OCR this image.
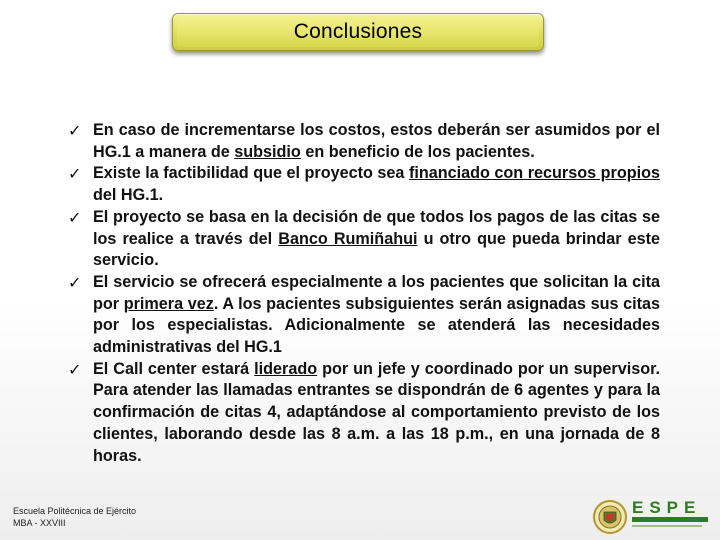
Conclusiones
✓ En caso de incrementarse los costos, estos deberán ser asumidos por el HG.1 a manera de subsidio en beneficio de los pacientes.
✓ Existe la factibilidad que el proyecto sea financiado con recursos propios del HG.1.
✓ El proyecto se basa en la decisión de que todos los pagos de las citas se los realice a través del Banco Rumiñahui u otro que pueda brindar este servicio.
✓ El servicio se ofrecerá especialmente a los pacientes que solicitan la cita por primera vez. A los pacientes subsiguientes serán asignadas sus citas por los especialistas. Adicionalmente se atenderá las necesidades administrativas del HG.1
✓ El Call center estará liderado por un jefe y coordinado por un supervisor. Para atender las llamadas entrantes se dispondrán de 6 agentes y para la confirmación de citas 4, adaptándose al comportamiento previsto de los clientes, laborando desde las 8 a.m. a las 18 p.m., en una jornada de 8 horas.
Escuela Politécnica de Ejército
MBA - XXVIII
ESPE
